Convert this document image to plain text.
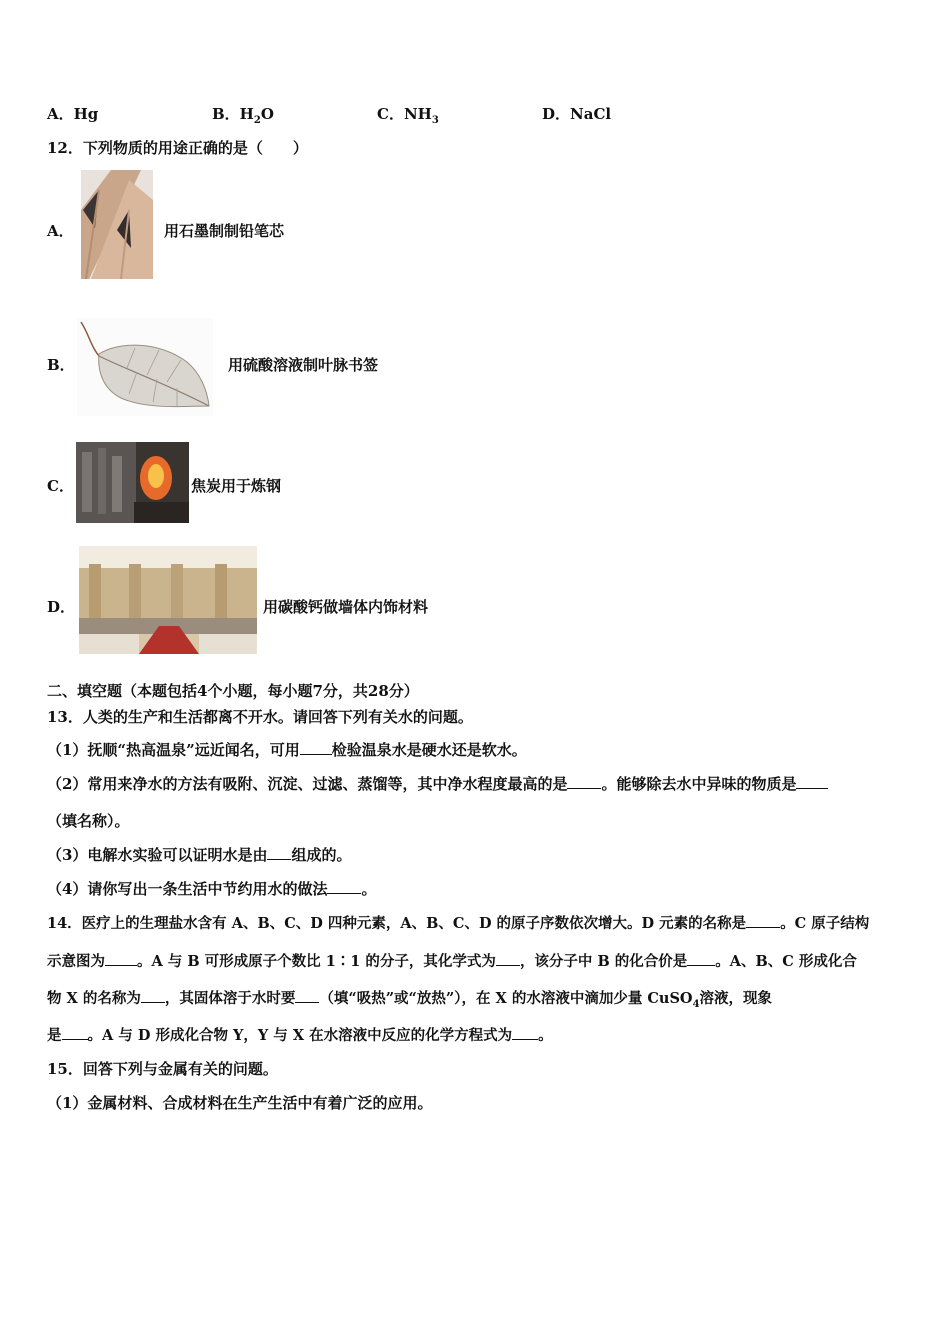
A．Hg	B．$H_2O$	C．$NH_3$	D．NaCl
12．下列物质的用途正确的是（　　）
A．	用石墨制制铅笔芯
B．	用硫酸溶液制叶脉书签
C．	焦炭用于炼钢
D．	用碳酸钙做墙体内饰材料
二、填空题（本题包括4个小题，每小题7分，共28分）
13．人类的生产和生活都离不开水。请回答下列有关水的问题。
（1）抚顺“热高温泉”远近闻名，可用 检验温泉水是硬水还是软水。
（2）常用来净水的方法有吸附、沉淀、过滤、蒸馏等，其中净水程度最高的是 。能够除去水中异味的物质是
（填名称）。
（3）电解水实验可以证明水是由 组成的。
（4）请你写出一条生活中节约用水的做法 。
14．医疗上的生理盐水含有 A、B、C、D 四种元素，A、B、C、D 的原子序数依次增大。D 元素的名称是 。C 原子结构
示意图为 。A 与 B 可形成原子个数比 1∶1 的分子，其化学式为 ，该分子中 B 的化合价是 。A、B、C 形成化合
物 X 的名称为 ，其固体溶于水时要 （填“吸热”或“放热”），在 X 的水溶液中滴加少量 CuSO$_4$溶液，现象
是 。A 与 D 形成化合物 Y，Y 与 X 在水溶液中反应的化学方程式为 。
15．回答下列与金属有关的问题。
（1）金属材料、合成材料在生产生活中有着广泛的应用。
